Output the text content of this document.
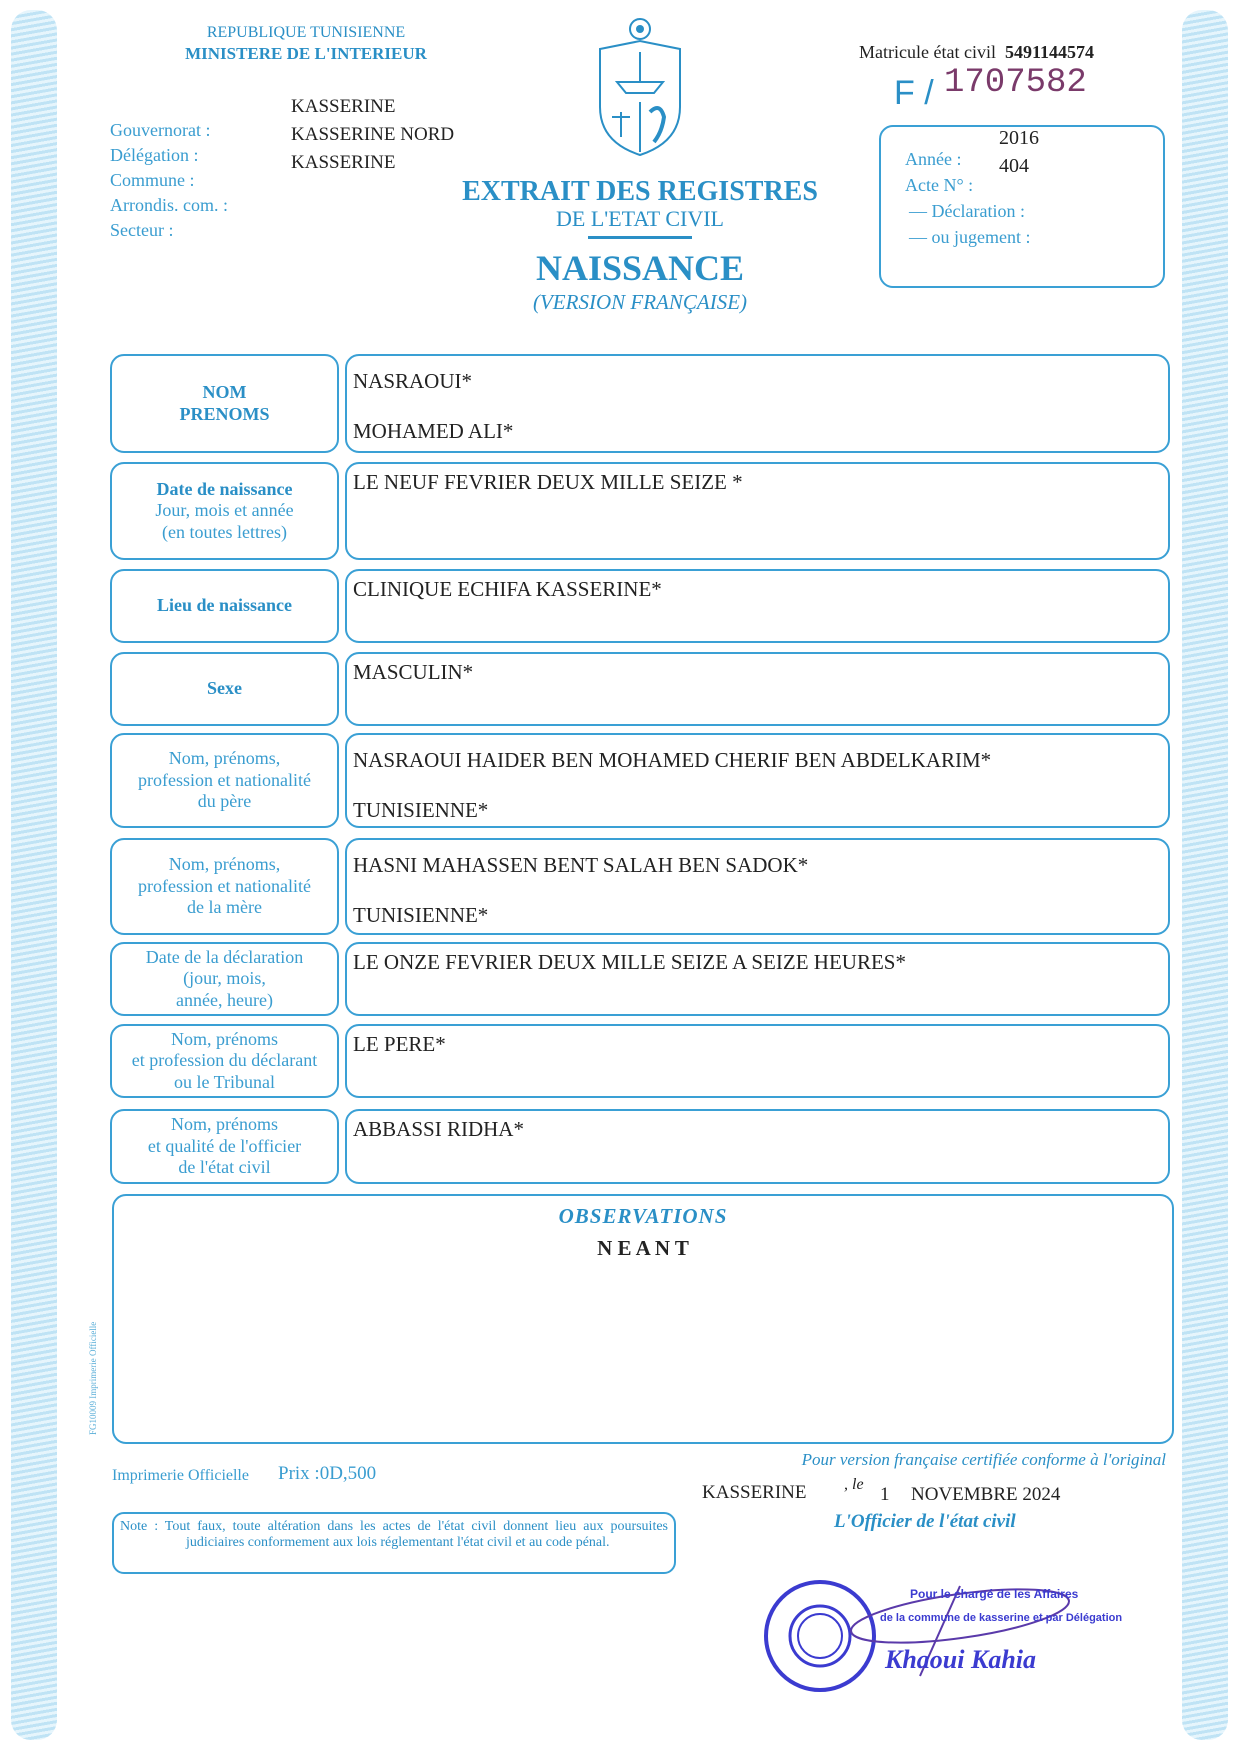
REPUBLIQUE TUNISIENNE
MINISTERE DE L'INTERIEUR	Matricule état civil 5491144574
F / 1707582
Gouvernorat :
Délégation :
Commune :
Arrondis. com. :
Secteur :
KASSERINE
KASSERINE NORD
KASSERINE
EXTRAIT DES REGISTRES
DE L'ETAT CIVIL
NAISSANCE
(VERSION FRANÇAISE)
2016
Année : 404
Acte N° :
— Déclaration :
— ou jugement :
NOM
PRENOMS
NASRAOUI*
MOHAMED ALI*
Date de naissance
Jour, mois et année
(en toutes lettres)
LE NEUF FEVRIER DEUX MILLE SEIZE *
Lieu de naissance
CLINIQUE ECHIFA KASSERINE*
Sexe
MASCULIN*
Nom, prénoms,
profession et nationalité
du père
NASRAOUI HAIDER BEN MOHAMED CHERIF BEN ABDELKARIM*
TUNISIENNE*
Nom, prénoms,
profession et nationalité
de la mère
HASNI MAHASSEN BENT SALAH BEN SADOK*
TUNISIENNE*
Date de la déclaration
(jour, mois,
année, heure)
LE ONZE FEVRIER DEUX MILLE SEIZE A SEIZE HEURES*
Nom, prénoms
et profession du déclarant
ou le Tribunal
LE PERE*
Nom, prénoms
et qualité de l'officier
de l'état civil
ABBASSI RIDHA*
OBSERVATIONS
N E A N T
FG10009 Imprimerie Officielle
Imprimerie Officielle Prix :0D,500
Pour version française certifiée conforme à l'original
KASSERINE , le 1 NOVEMBRE 2024
L'Officier de l'état civil
Note : Tout faux, toute altération dans les actes de l'état civil donnent lieu aux poursuites judiciaires conformement aux lois réglementant l'état civil et au code pénal.
Pour le chargé de les Affaires
de la commune de kasserine et par Délégation
Khaoui Kahia
